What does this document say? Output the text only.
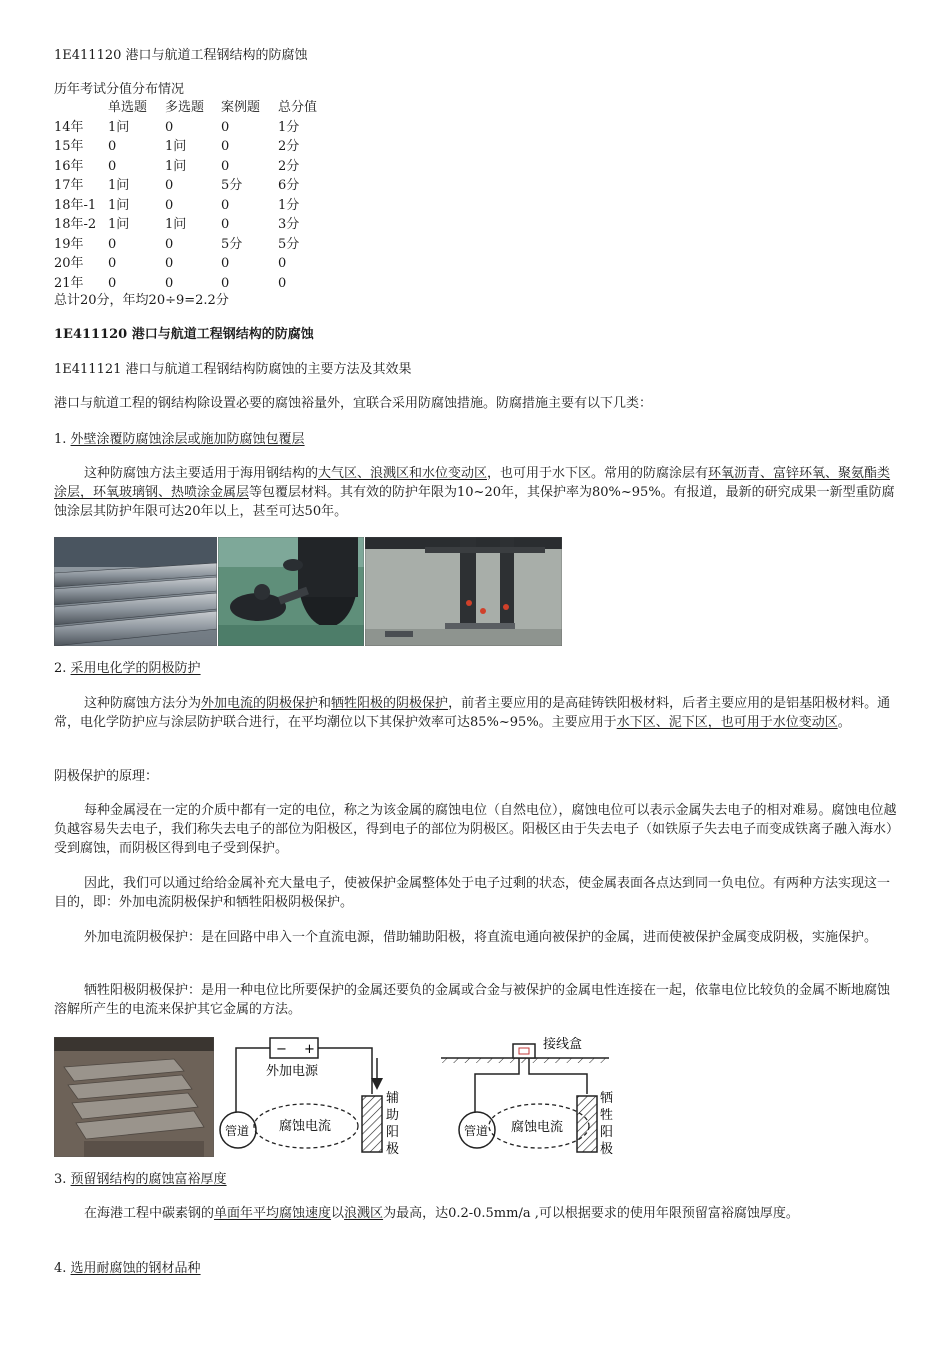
1E411120 港口与航道工程钢结构的防腐蚀

历年考试分值分布情况

	单选题	多选题	案例题	总分值
14年	1问	0	0	1分
15年	0	1问	0	2分
16年	0	1问	0	2分
17年	1问	0	5分	6分
18年-1	1问	0	0	1分
18年-2	1问	1问	0	3分
19年	0	0	5分	5分
20年	0	0	0	0
21年	0	0	0	0

总计20分，年均20÷9=2.2分

1E411120 港口与航道工程钢结构的防腐蚀

1E411121 港口与航道工程钢结构防腐蚀的主要方法及其效果

港口与航道工程的钢结构除设置必要的腐蚀裕量外，宜联合采用防腐蚀措施。防腐措施主要有以下几类：

1. 外壁涂覆防腐蚀涂层或施加防腐蚀包覆层

这种防腐蚀方法主要适用于海用钢结构的大气区、浪溅区和水位变动区，也可用于水下区。常用的防腐涂层有环氧沥青、富锌环氧、聚氨酯类涂层，环氧玻璃钢、热喷涂金属层等包覆层材料。其有效的防护年限为10~20年，其保护率为80%~95%。有报道，最新的研究成果一新型重防腐蚀涂层其防护年限可达20年以上，甚至可达50年。

2. 采用电化学的阴极防护

这种防腐蚀方法分为外加电流的阴极保护和牺牲阳极的阴极保护，前者主要应用的是高硅铸铁阳极材料，后者主要应用的是铝基阳极材料。通常，电化学防护应与涂层防护联合进行，在平均潮位以下其保护效率可达85%~95%。主要应用于水下区、泥下区，也可用于水位变动区。

阴极保护的原理：

每种金属浸在一定的介质中都有一定的电位，称之为该金属的腐蚀电位（自然电位），腐蚀电位可以表示金属失去电子的相对难易。腐蚀电位越负越容易失去电子，我们称失去电子的部位为阳极区，得到电子的部位为阴极区。阳极区由于失去电子（如铁原子失去电子而变成铁离子融入海水）受到腐蚀，而阴极区得到电子受到保护。

因此，我们可以通过给给金属补充大量电子，使被保护金属整体处于电子过剩的状态，使金属表面各点达到同一负电位。有两种方法实现这一目的，即：外加电流阴极保护和牺牲阳极阴极保护。

外加电流阴极保护：是在回路中串入一个直流电源，借助辅助阳极，将直流电通向被保护的金属，进而使被保护金属变成阴极，实施保护。

牺牲阳极阴极保护：是用一种电位比所要保护的金属还要负的金属或合金与被保护的金属电性连接在一起，依靠电位比较负的金属不断地腐蚀溶解所产生的电流来保护其它金属的方法。

− +
外加电源
管道 腐蚀电流
辅
助
阳
极
接线盒
管道 腐蚀电流
牺
牲
阳
极

3. 预留钢结构的腐蚀富裕厚度

在海港工程中碳素钢的单面年平均腐蚀速度以浪溅区为最高，达0.2-0.5mm/a ,可以根据要求的使用年限预留富裕腐蚀厚度。

4. 选用耐腐蚀的钢材品种
